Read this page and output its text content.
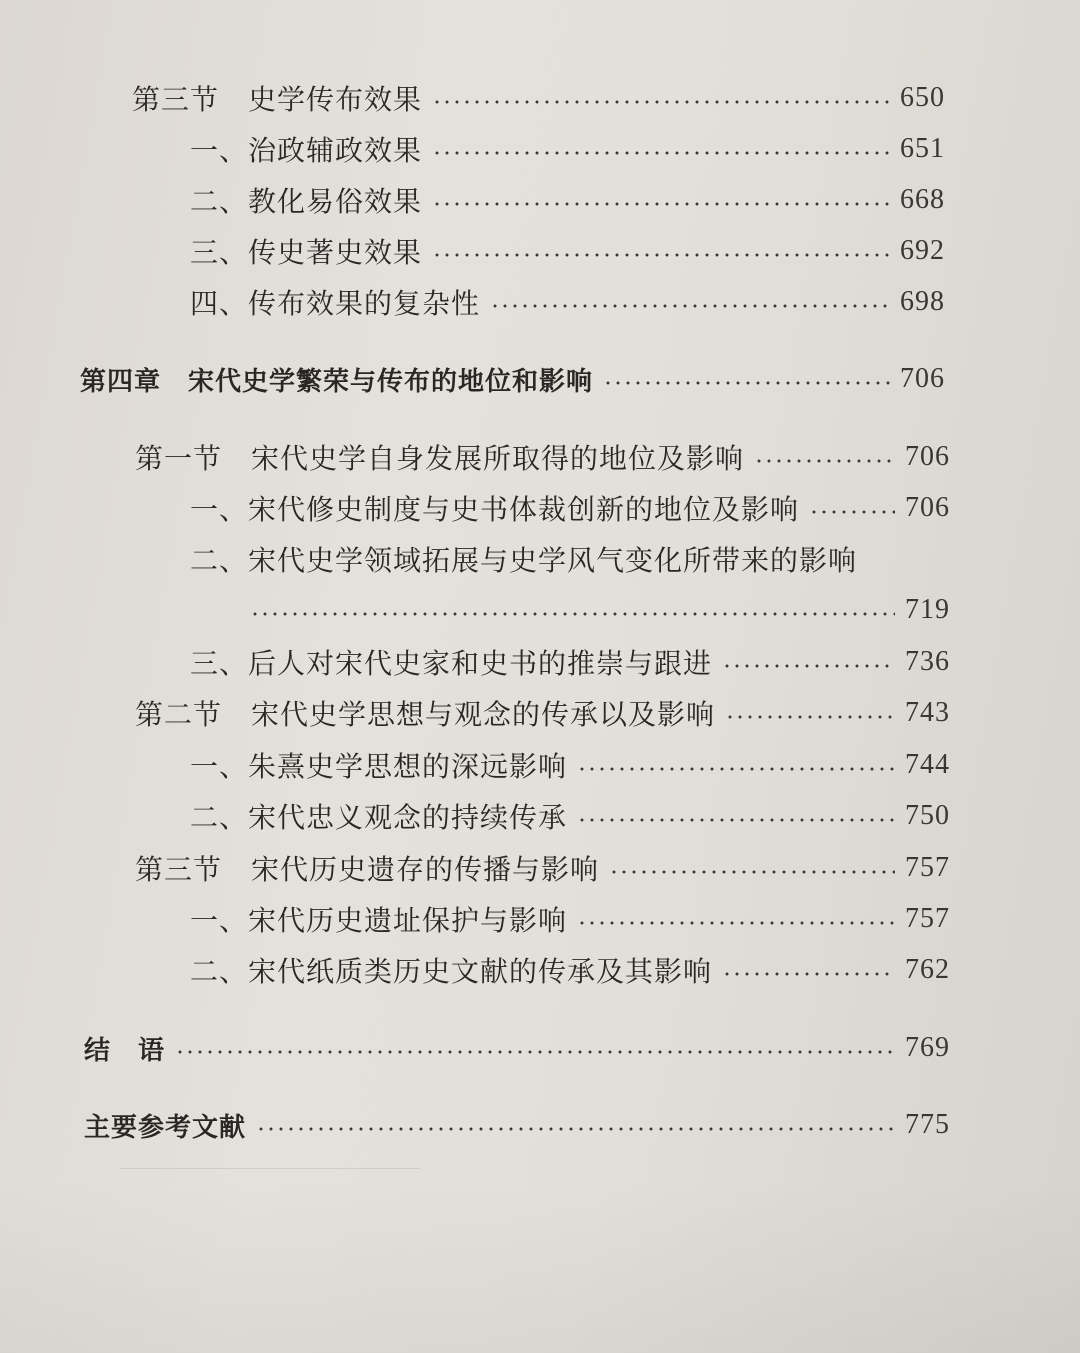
第三节　史学传布效果	650
一、治政辅政效果	651
二、教化易俗效果	668
三、传史著史效果	692
四、传布效果的复杂性	698
第四章　宋代史学繁荣与传布的地位和影响	706
第一节　宋代史学自身发展所取得的地位及影响	706
一、宋代修史制度与史书体裁创新的地位及影响	706
二、宋代史学领域拓展与史学风气变化所带来的影响
719
三、后人对宋代史家和史书的推崇与跟进	736
第二节　宋代史学思想与观念的传承以及影响	743
一、朱熹史学思想的深远影响	744
二、宋代忠义观念的持续传承	750
第三节　宋代历史遗存的传播与影响	757
一、宋代历史遗址保护与影响	757
二、宋代纸质类历史文献的传承及其影响	762
结　语	769
主要参考文献	775
